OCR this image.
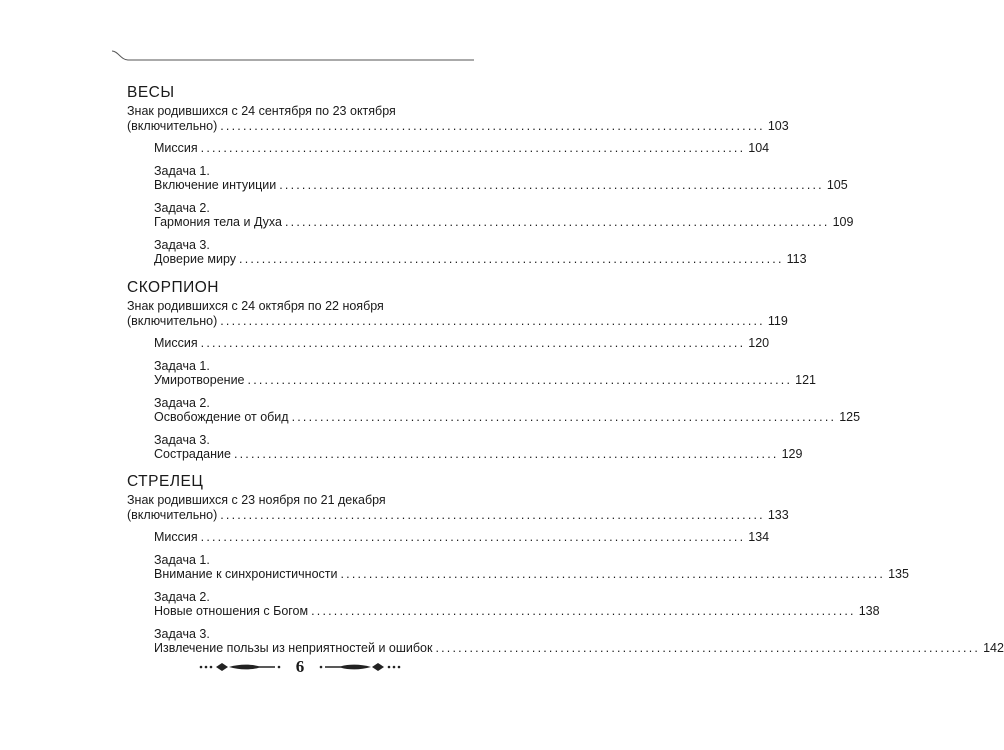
ВЕСЫ
Знак родившихся с 24 сентября по 23 октября
(включительно) ................................................................................................ 103
Миссия ................................................................................................ 104
Задача 1.
Включение интуиции ................................................................................................ 105
Задача 2.
Гармония тела и Духа ................................................................................................ 109
Задача 3.
Доверие миру ................................................................................................ 113
СКОРПИОН
Знак родившихся с 24 октября по 22 ноября
(включительно) ................................................................................................ 119
Миссия ................................................................................................ 120
Задача 1.
Умиротворение ................................................................................................ 121
Задача 2.
Освобождение от обид ................................................................................................ 125
Задача 3.
Сострадание ................................................................................................ 129
СТРЕЛЕЦ
Знак родившихся с 23 ноября по 21 декабря
(включительно) ................................................................................................ 133
Миссия ................................................................................................ 134
Задача 1.
Внимание к синхронистичности ................................................................................................ 135
Задача 2.
Новые отношения с Богом ................................................................................................ 138
Задача 3.
Извлечение пользы из неприятностей и ошибок ................................................................................................ 142
6
